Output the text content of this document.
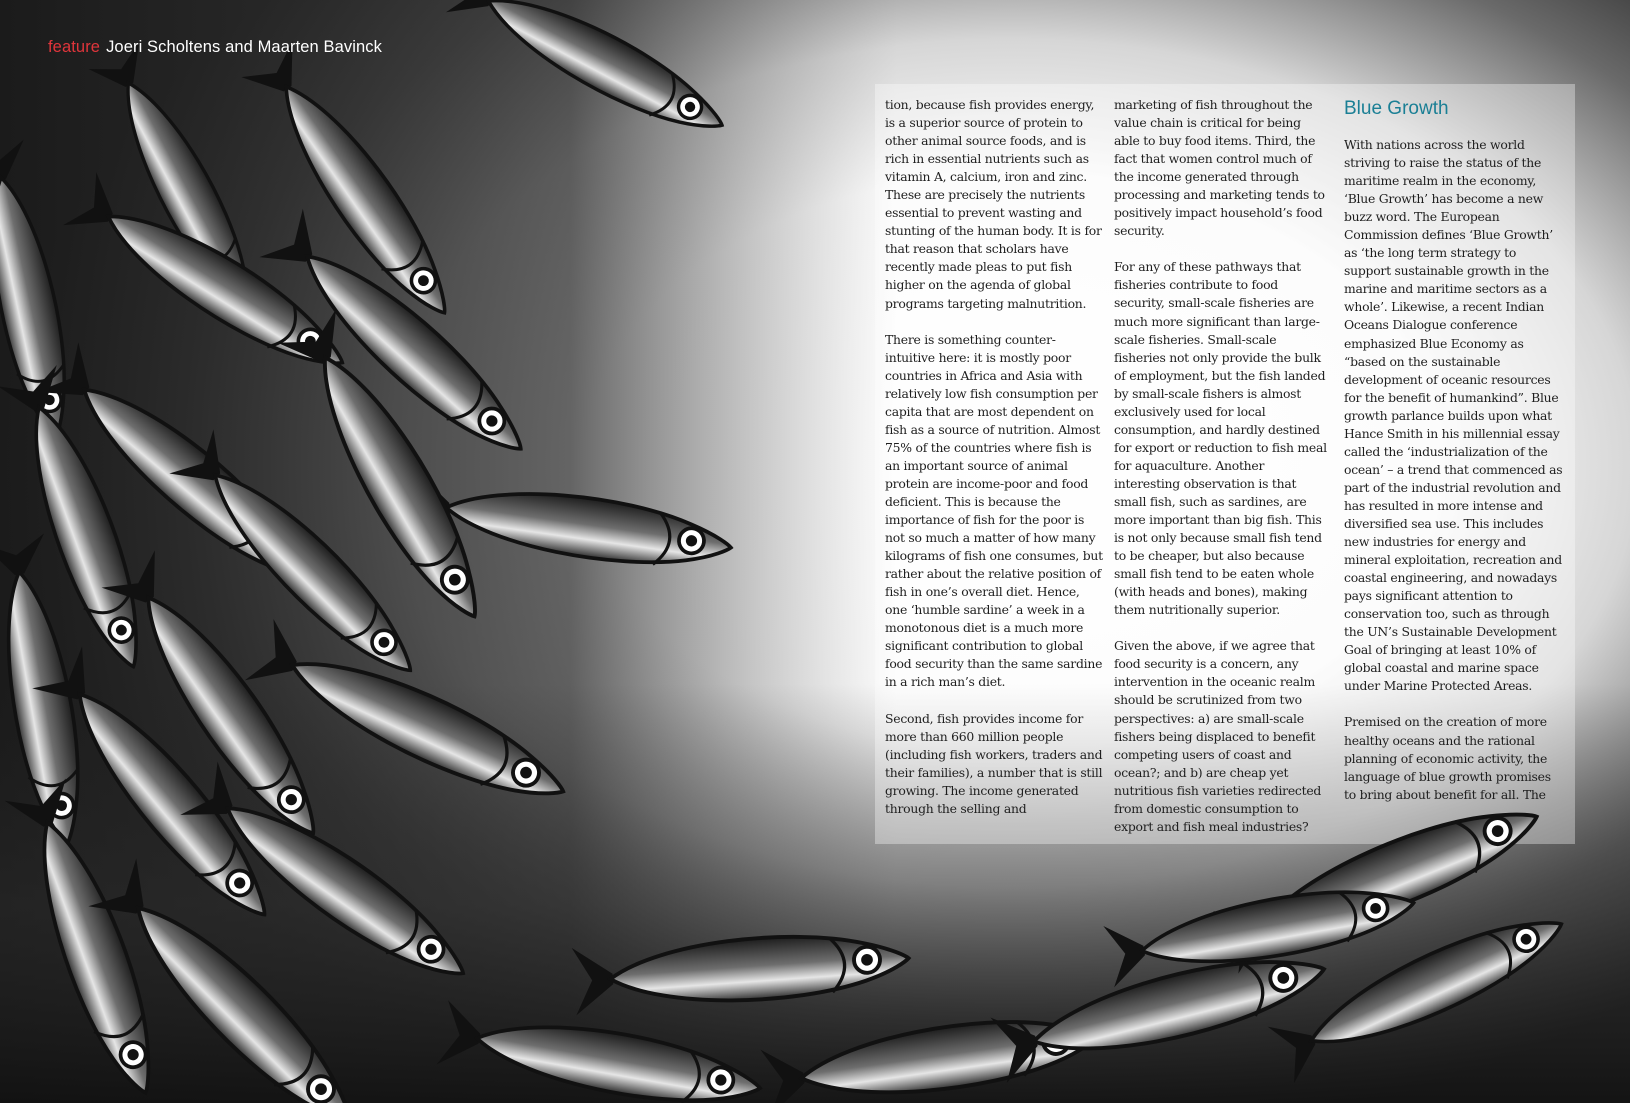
feature Joeri Scholtens and Maarten Bavinck

tion, because fish provides energy, is a superior source of protein to other animal source foods, and is rich in essential nutrients such as vitamin A, calcium, iron and zinc. These are precisely the nutrients essential to prevent wasting and stunting of the human body. It is for that reason that scholars have recently made pleas to put fish higher on the agenda of global programs targeting malnutrition.

There is something counter-intuitive here: it is mostly poor countries in Africa and Asia with relatively low fish consumption per capita that are most dependent on fish as a source of nutrition. Almost 75% of the countries where fish is an important source of animal protein are income-poor and food deficient. This is because the importance of fish for the poor is not so much a matter of how many kilograms of fish one consumes, but rather about the relative position of fish in one’s overall diet. Hence, one ‘humble sardine’ a week in a monotonous diet is a much more significant contribution to global food security than the same sardine in a rich man’s diet.

Second, fish provides income for more than 660 million people (including fish workers, traders and their families), a number that is still growing. The income generated through the selling and

marketing of fish throughout the value chain is critical for being able to buy food items. Third, the fact that women control much of the income generated through processing and marketing tends to positively impact household’s food security.

For any of these pathways that fisheries contribute to food security, small-scale fisheries are much more significant than large-scale fisheries. Small-scale fisheries not only provide the bulk of employment, but the fish landed by small-scale fishers is almost exclusively used for local consumption, and hardly destined for export or reduction to fish meal for aquaculture. Another interesting observation is that small fish, such as sardines, are more important than big fish. This is not only because small fish tend to be cheaper, but also because small fish tend to be eaten whole (with heads and bones), making them nutritionally superior.

Given the above, if we agree that food security is a concern, any intervention in the oceanic realm should be scrutinized from two perspectives: a) are small-scale fishers being displaced to benefit competing users of coast and ocean?; and b) are cheap yet nutritious fish varieties redirected from domestic consumption to export and fish meal industries?

Blue Growth

With nations across the world striving to raise the status of the maritime realm in the economy, ‘Blue Growth’ has become a new buzz word. The European Commission defines ‘Blue Growth’ as ‘the long term strategy to support sustainable growth in the marine and maritime sectors as a whole’. Likewise, a recent Indian Oceans Dialogue conference emphasized Blue Economy as “based on the sustainable development of oceanic resources for the benefit of humankind”. Blue growth parlance builds upon what Hance Smith in his millennial essay called the ‘industrialization of the ocean’ – a trend that commenced as part of the industrial revolution and has resulted in more intense and diversified sea use. This includes new industries for energy and mineral exploitation, recreation and coastal engineering, and nowadays pays significant attention to conservation too, such as through the UN’s Sustainable Development Goal of bringing at least 10% of global coastal and marine space under Marine Protected Areas.

Premised on the creation of more healthy oceans and the rational planning of economic activity, the language of blue growth promises to bring about benefit for all. The
